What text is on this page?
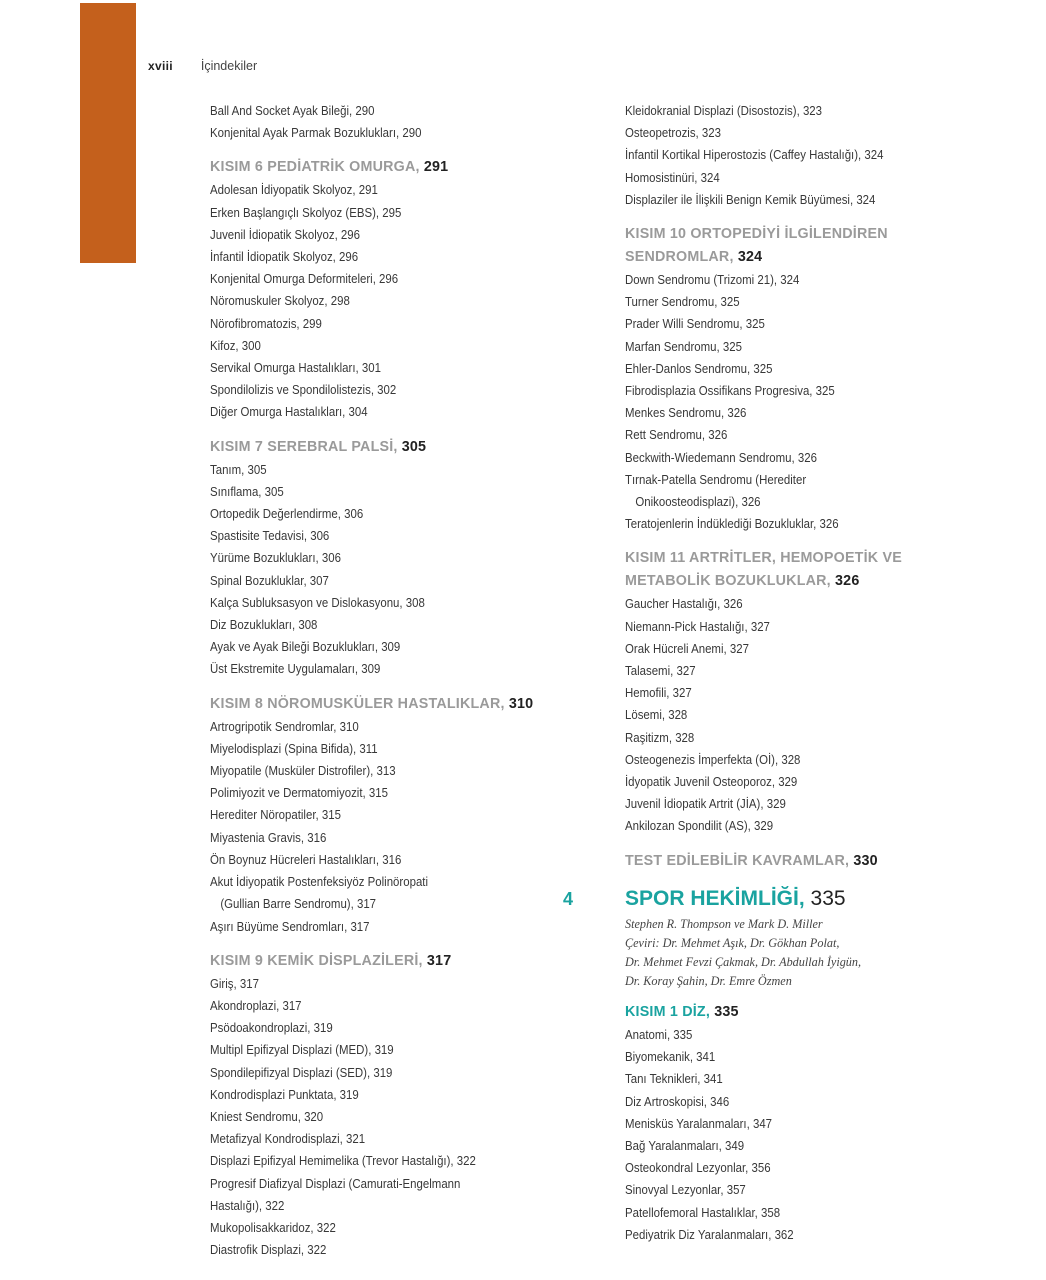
xviii İçindekiler
Ball And Socket Ayak Bileği, 290
Konjenital Ayak Parmak Bozuklukları, 290
KISIM 6 PEDİATRİK OMURGA, 291
Adolesan İdiyopatik Skolyoz, 291
Erken Başlangıçlı Skolyoz (EBS), 295
Juvenil İdiopatik Skolyoz, 296
İnfantil İdiopatik Skolyoz, 296
Konjenital Omurga Deformiteleri, 296
Nöromuskuler Skolyoz, 298
Nörofibromatozis, 299
Kifoz, 300
Servikal Omurga Hastalıkları, 301
Spondilolizis ve Spondilolistezis, 302
Diğer Omurga Hastalıkları, 304
KISIM 7 SEREBRAL PALSİ, 305
Tanım, 305
Sınıflama, 305
Ortopedik Değerlendirme, 306
Spastisite Tedavisi, 306
Yürüme Bozuklukları, 306
Spinal Bozukluklar, 307
Kalça Subluksasyon ve Dislokasyonu, 308
Diz Bozuklukları, 308
Ayak ve Ayak Bileği Bozuklukları, 309
Üst Ekstremite Uygulamaları, 309
KISIM 8 NÖROMUSKÜLER HASTALIKLAR, 310
Artrogripotik Sendromlar, 310
Miyelodisplazi (Spina Bifida), 311
Miyopatile (Musküler Distrofiler), 313
Polimiyozit ve Dermatomiyozit, 315
Herediter Nöropatiler, 315
Miyastenia Gravis, 316
Ön Boynuz Hücreleri Hastalıkları, 316
Akut İdiyopatik Postenfeksiyöz Polinöropati
(Gullian Barre Sendromu), 317
Aşırı Büyüme Sendromları, 317
KISIM 9 KEMİK DİSPLAZİLERİ, 317
Giriş, 317
Akondroplazi, 317
Psödoakondroplazi, 319
Multipl Epifizyal Displazi (MED), 319
Spondilepifizyal Displazi (SED), 319
Kondrodisplazi Punktata, 319
Kniest Sendromu, 320
Metafizyal Kondrodisplazi, 321
Displazi Epifizyal Hemimelika (Trevor Hastalığı), 322
Progresif Diafizyal Displazi (Camurati-Engelmann
Hastalığı), 322
Mukopolisakkaridoz, 322
Diastrofik Displazi, 322
Kleidokranial Displazi (Disostozis), 323
Osteopetrozis, 323
İnfantil Kortikal Hiperostozis (Caffey Hastalığı), 324
Homosistinüri, 324
Displaziler ile İlişkili Benign Kemik Büyümesi, 324
KISIM 10 ORTOPEDİYİ İLGİLENDİREN
SENDROMLAR, 324
Down Sendromu (Trizomi 21), 324
Turner Sendromu, 325
Prader Willi Sendromu, 325
Marfan Sendromu, 325
Ehler-Danlos Sendromu, 325
Fibrodisplazia Ossifikans Progresiva, 325
Menkes Sendromu, 326
Rett Sendromu, 326
Beckwith-Wiedemann Sendromu, 326
Tırnak-Patella Sendromu (Herediter
Onikoosteodisplazi), 326
Teratojenlerin İndüklediği Bozukluklar, 326
KISIM 11 ARTRİTLER, HEMOPOETİK VE
METABOLİK BOZUKLUKLAR, 326
Gaucher Hastalığı, 326
Niemann-Pick Hastalığı, 327
Orak Hücreli Anemi, 327
Talasemi, 327
Hemofili, 327
Lösemi, 328
Raşitizm, 328
Osteogenezis İmperfekta (Oİ), 328
İdyopatik Juvenil Osteoporoz, 329
Juvenil İdiopatik Artrit (JİA), 329
Ankilozan Spondilit (AS), 329
TEST EDİLEBİLİR KAVRAMLAR, 330
4 SPOR HEKİMLİĞİ, 335
Stephen R. Thompson ve Mark D. Miller
Çeviri: Dr. Mehmet Aşık, Dr. Gökhan Polat,
Dr. Mehmet Fevzi Çakmak, Dr. Abdullah İyigün,
Dr. Koray Şahin, Dr. Emre Özmen
KISIM 1 DİZ, 335
Anatomi, 335
Biyomekanik, 341
Tanı Teknikleri, 341
Diz Artroskopisi, 346
Menisküs Yaralanmaları, 347
Bağ Yaralanmaları, 349
Osteokondral Lezyonlar, 356
Sinovyal Lezyonlar, 357
Patellofemoral Hastalıklar, 358
Pediyatrik Diz Yaralanmaları, 362
